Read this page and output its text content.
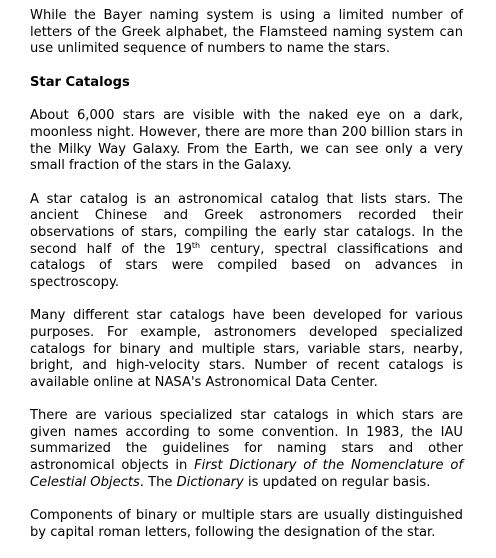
While the Bayer naming system is using a limited number of letters of the Greek alphabet, the Flamsteed naming system can use unlimited sequence of numbers to name the stars.

Star Catalogs

About 6,000 stars are visible with the naked eye on a dark, moonless night. However, there are more than 200 billion stars in the Milky Way Galaxy. From the Earth, we can see only a very small fraction of the stars in the Galaxy.

A star catalog is an astronomical catalog that lists stars. The ancient Chinese and Greek astronomers recorded their observations of stars, compiling the early star catalogs. In the second half of the 19th century, spectral classifications and catalogs of stars were compiled based on advances in spectroscopy.

Many different star catalogs have been developed for various purposes. For example, astronomers developed specialized catalogs for binary and multiple stars, variable stars, nearby, bright, and high-velocity stars. Number of recent catalogs is available online at NASA's Astronomical Data Center.

There are various specialized star catalogs in which stars are given names according to some convention. In 1983, the IAU summarized the guidelines for naming stars and other astronomical objects in First Dictionary of the Nomenclature of Celestial Objects. The Dictionary is updated on regular basis.

Components of binary or multiple stars are usually distinguished by capital roman letters, following the designation of the star.
